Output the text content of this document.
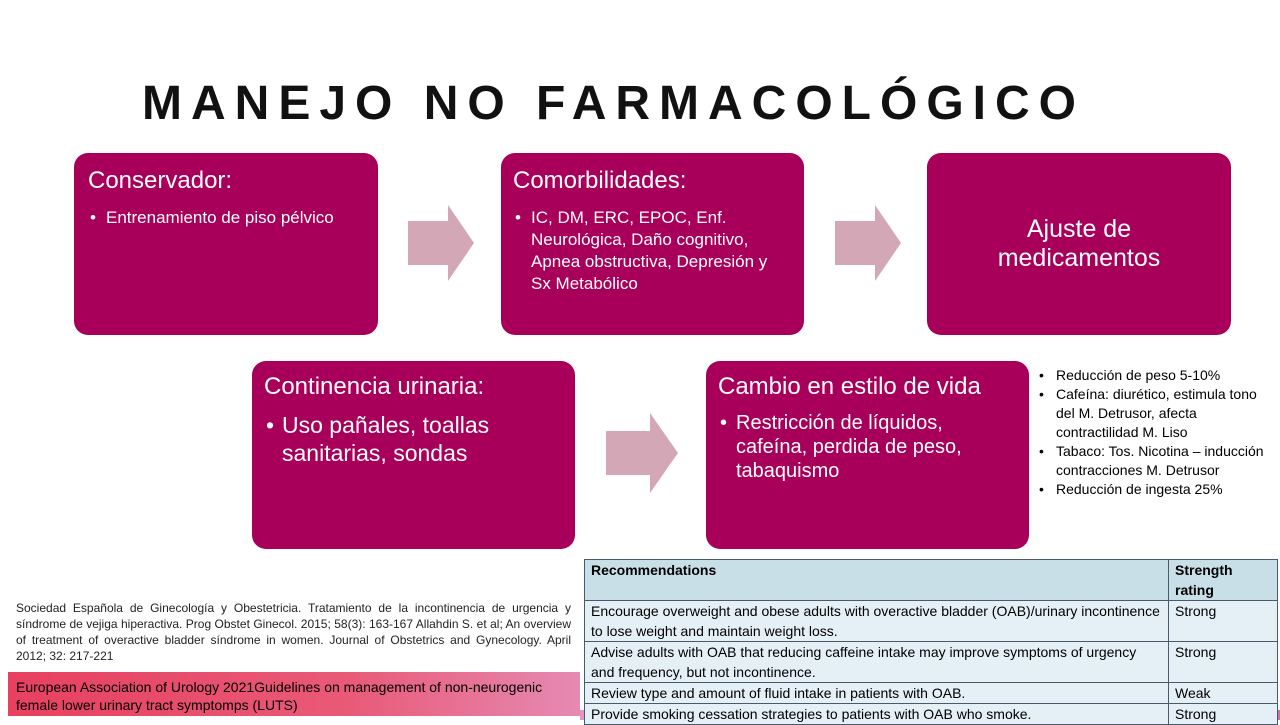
MANEJO NO FARMACOLÓGICO

Conservador:

• Entrenamiento de piso pélvico

Comorbilidades:

• IC, DM, ERC, EPOC, Enf. Neurológica, Daño cognitivo, Apnea obstructiva, Depresión y Sx Metabólico
Ajuste de medicamentos

Continencia urinaria:

• Uso pañales, toallas sanitarias, sondas

Cambio en estilo de vida

• Restricción de líquidos, cafeína, perdida de peso, tabaquismo
• Reducción de peso 5-10%
• Cafeína: diurético, estimula tono del M. Detrusor, afecta contractilidad M. Liso
• Tabaco: Tos. Nicotina – inducción contracciones M. Detrusor
• Reducción de ingesta 25%

Sociedad Española de Ginecología y Obestetricia. Tratamiento de la incontinencia de urgencia y síndrome de vejiga hiperactiva. Prog Obstet Ginecol. 2015; 58(3): 163-167 Allahdin S. et al; An overview of treatment of overactive bladder síndrome in women. Journal of Obstetrics and Gynecology. April 2012; 32: 217-221

European Association of Urology 2021Guidelines on management of non-neurogenic female lower urinary tract symptomps (LUTS)

Recommendations	Strength rating
Encourage overweight and obese adults with overactive bladder (OAB)/urinary incontinence to lose weight and maintain weight loss.	Strong
Advise adults with OAB that reducing caffeine intake may improve symptoms of urgency and frequency, but not incontinence.	Strong
Review type and amount of fluid intake in patients with OAB.	Weak
Provide smoking cessation strategies to patients with OAB who smoke.	Strong
